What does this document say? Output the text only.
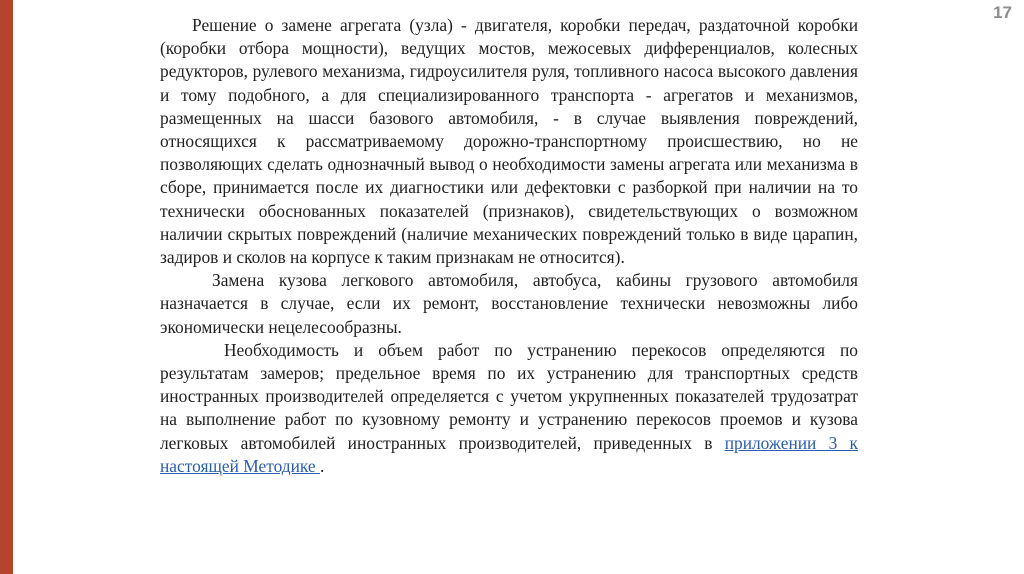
17

Решение о замене агрегата (узла) - двигателя, коробки передач, раздаточной коробки (коробки отбора мощности), ведущих мостов, межосевых дифференциалов, колесных редукторов, рулевого механизма, гидроусилителя руля, топливного насоса высокого давления и тому подобного, а для специализированного транспорта - агрегатов и механизмов, размещенных на шасси базового автомобиля, - в случае выявления повреждений, относящихся к рассматриваемому дорожно-транспортному происшествию, но не позволяющих сделать однозначный вывод о необходимости замены агрегата или механизма в сборе, принимается после их диагностики или дефектовки с разборкой при наличии на то технически обоснованных показателей (признаков), свидетельствующих о возможном наличии скрытых повреждений (наличие механических повреждений только в виде царапин, задиров и сколов на корпусе к таким признакам не относится).

Замена кузова легкового автомобиля, автобуса, кабины грузового автомобиля назначается в случае, если их ремонт, восстановление технически невозможны либо экономически нецелесообразны.

Необходимость и объем работ по устранению перекосов определяются по результатам замеров; предельное время по их устранению для транспортных средств иностранных производителей определяется с учетом укрупненных показателей трудозатрат на выполнение работ по кузовному ремонту и устранению перекосов проемов и кузова легковых автомобилей иностранных производителей, приведенных в приложении 3 к настоящей Методике .
